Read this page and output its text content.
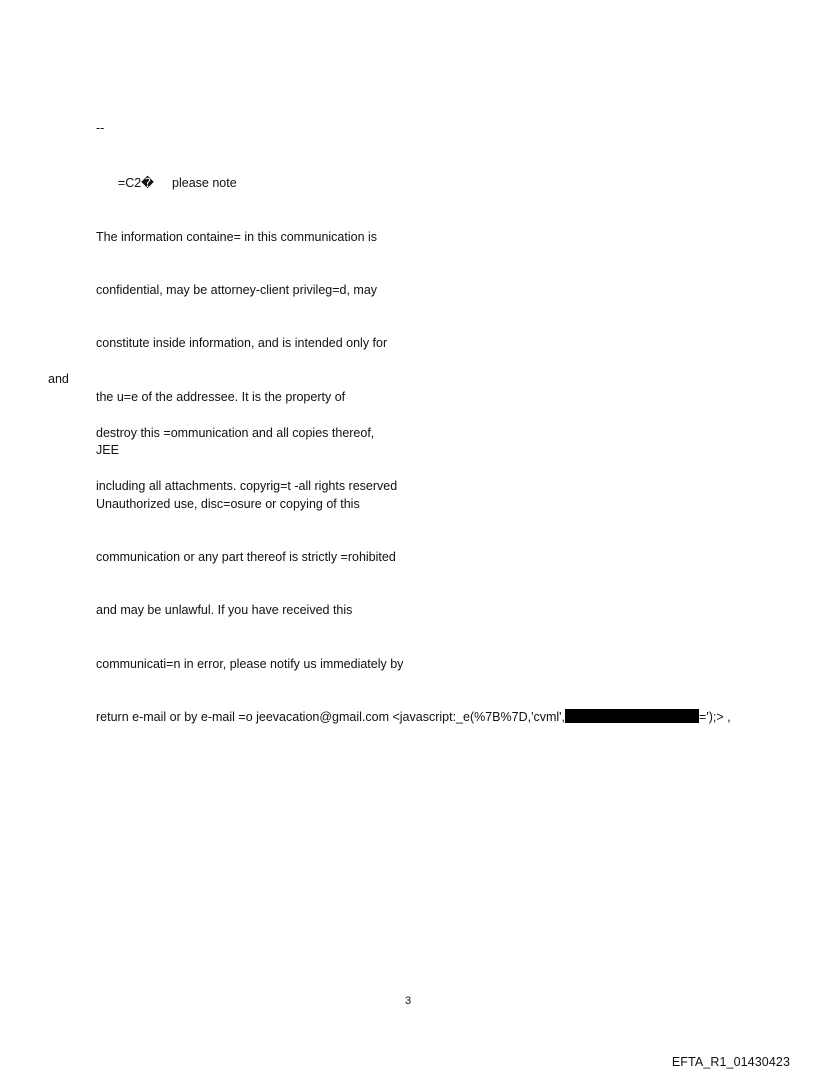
--

=C2� please note

The information containe= in this communication is

confidential, may be attorney-client privileg=d, may

constitute inside information, and is intended only for

the u=e of the addressee. It is the property of

JEE

Unauthorized use, disc=osure or copying of this

communication or any part thereof is strictly =rohibited

and may be unlawful. If you have received this

communicati=n in error, please notify us immediately by

return e-mail or by e-mail =o jeevacation@gmail.com <javascript:_e(%7B%7D,'cvml',	=');> ,

and

destroy this =ommunication and all copies thereof,

including all attachments. copyrig=t -all rights reserved

3
EFTA_R1_01430423
